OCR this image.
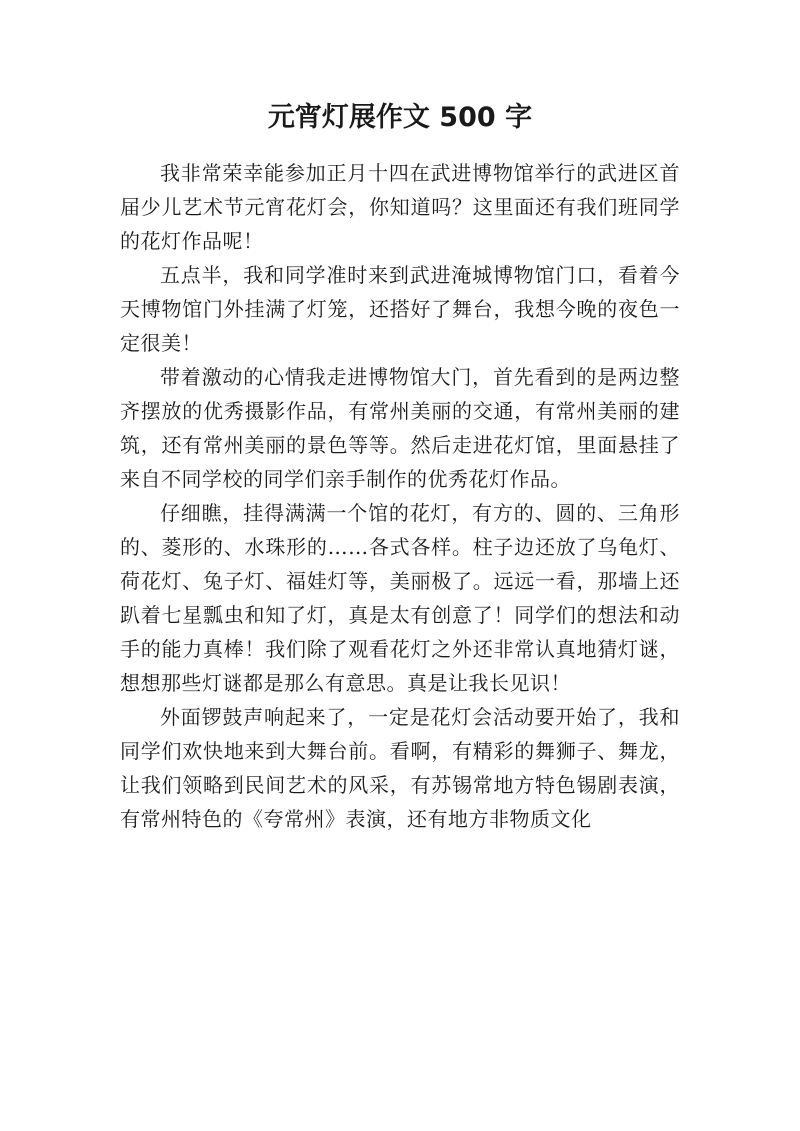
元宵灯展作文 500 字

我非常荣幸能参加正月十四在武进博物馆举行的武进区首届少儿艺术节元宵花灯会，你知道吗？这里面还有我们班同学的花灯作品呢！

五点半，我和同学准时来到武进淹城博物馆门口，看着今天博物馆门外挂满了灯笼，还搭好了舞台，我想今晚的夜色一定很美！

带着激动的心情我走进博物馆大门，首先看到的是两边整齐摆放的优秀摄影作品，有常州美丽的交通，有常州美丽的建筑，还有常州美丽的景色等等。然后走进花灯馆，里面悬挂了来自不同学校的同学们亲手制作的优秀花灯作品。

仔细瞧，挂得满满一个馆的花灯，有方的、圆的、三角形的、菱形的、水珠形的……各式各样。柱子边还放了乌龟灯、荷花灯、兔子灯、福娃灯等，美丽极了。远远一看，那墙上还趴着七星瓢虫和知了灯，真是太有创意了！同学们的想法和动手的能力真棒！我们除了观看花灯之外还非常认真地猜灯谜，想想那些灯谜都是那么有意思。真是让我长见识！

外面锣鼓声响起来了，一定是花灯会活动要开始了，我和同学们欢快地来到大舞台前。看啊，有精彩的舞狮子、舞龙，让我们领略到民间艺术的风采，有苏锡常地方特色锡剧表演，有常州特色的《夸常州》表演，还有地方非物质文化
